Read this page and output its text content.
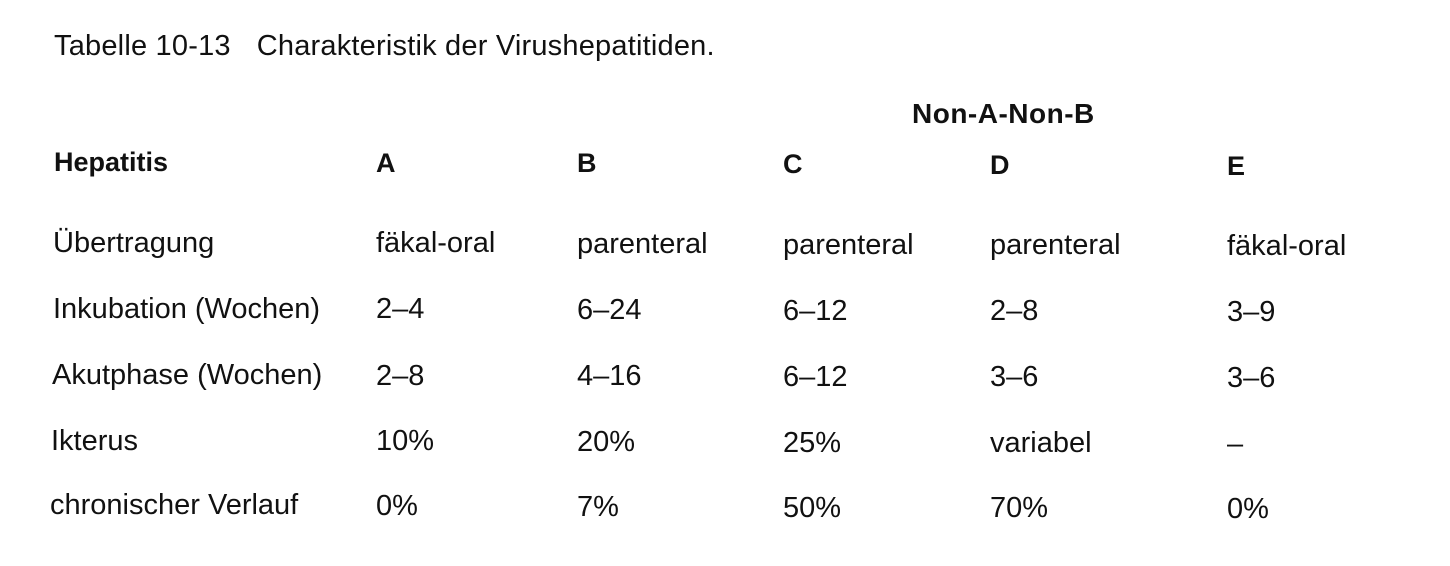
Tabelle 10-13 Charakteristik der Virushepatitiden.
Non-A-Non-B
Hepatitis	A	B	C	D	E
Übertragung	fäkal-oral	parenteral	parenteral	parenteral	fäkal-oral
Inkubation (Wochen) 2–4	6–24	6–12	2–8	3–9
Akutphase (Wochen) 2–8	4–16	6–12	3–6	3–6
Ikterus	10%	20%	25%	variabel	–
chronischer Verlauf	0%	7%	50%	70%	0%
